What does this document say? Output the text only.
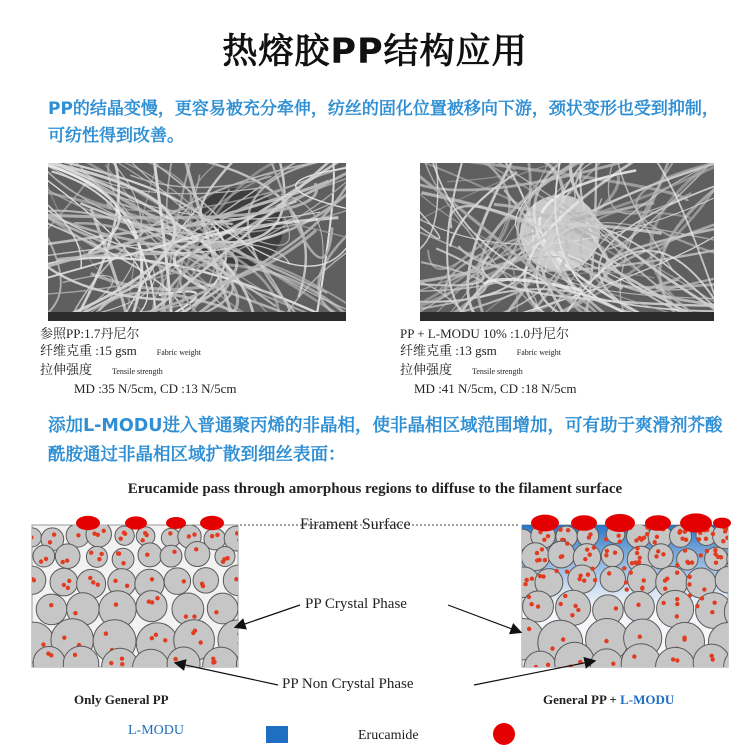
热熔胶PP结构应用
PP的结晶变慢，更容易被充分牵伸，纺丝的固化位置被移向下游，颈状变形也受到抑制，可纺性得到改善。
参照PP:1.7丹尼尔
纤维克重 :15 gsm	Fabric weight
拉伸强度	Tensile strength
MD :35 N/5cm, CD :13 N/5cm
PP + L-MODU 10% :1.0丹尼尔
纤维克重 :13 gsm	Fabric weight
拉伸强度	Tensile strength
MD :41 N/5cm, CD :18 N/5cm
添加L-MODU进入普通聚丙烯的非晶相，使非晶相区域范围增加，可有助于爽滑剂芥酸酰胺通过非晶相区域扩散到细丝表面：
Erucamide pass through amorphous regions to diffuse to the filament surface
Firament Surface
PP Crystal Phase
PP Non Crystal Phase
Only General PP	General PP + L-MODU
L-MODU	Erucamide
